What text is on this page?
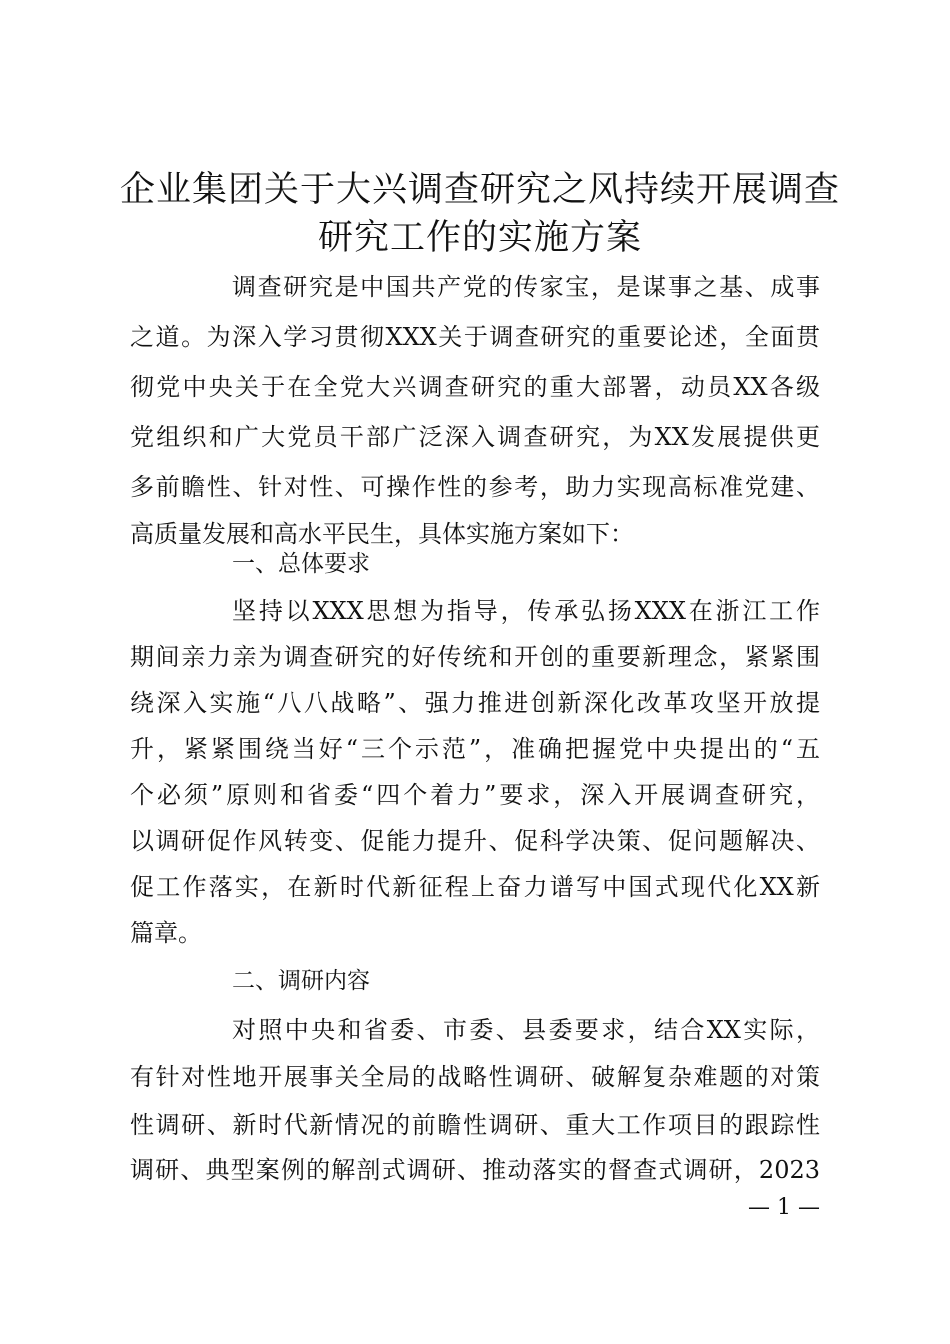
企业集团关于大兴调查研究之风持续开展调查
研究工作的实施方案
调查研究是中国共产党的传家宝，是谋事之基、成事
之道。为深入学习贯彻XXX关于调查研究的重要论述，全面贯
彻党中央关于在全党大兴调查研究的重大部署，动员XX各级
党组织和广大党员干部广泛深入调查研究，为XX发展提供更
多前瞻性、针对性、可操作性的参考，助力实现高标准党建、
高质量发展和高水平民生，具体实施方案如下：
一、总体要求
坚持以XXX思想为指导，传承弘扬XXX在浙江工作
期间亲力亲为调查研究的好传统和开创的重要新理念，紧紧围
绕深入实施“八八战略”、强力推进创新深化改革攻坚开放提
升，紧紧围绕当好“三个示范”，准确把握党中央提出的“五
个必须”原则和省委“四个着力”要求，深入开展调查研究，
以调研促作风转变、促能力提升、促科学决策、促问题解决、
促工作落实，在新时代新征程上奋力谱写中国式现代化XX新
篇章。
二、调研内容
对照中央和省委、市委、县委要求，结合XX实际，
有针对性地开展事关全局的战略性调研、破解复杂难题的对策
性调研、新时代新情况的前瞻性调研、重大工作项目的跟踪性
调研、典型案例的解剖式调研、推动落实的督查式调研，2023
— 1 —
